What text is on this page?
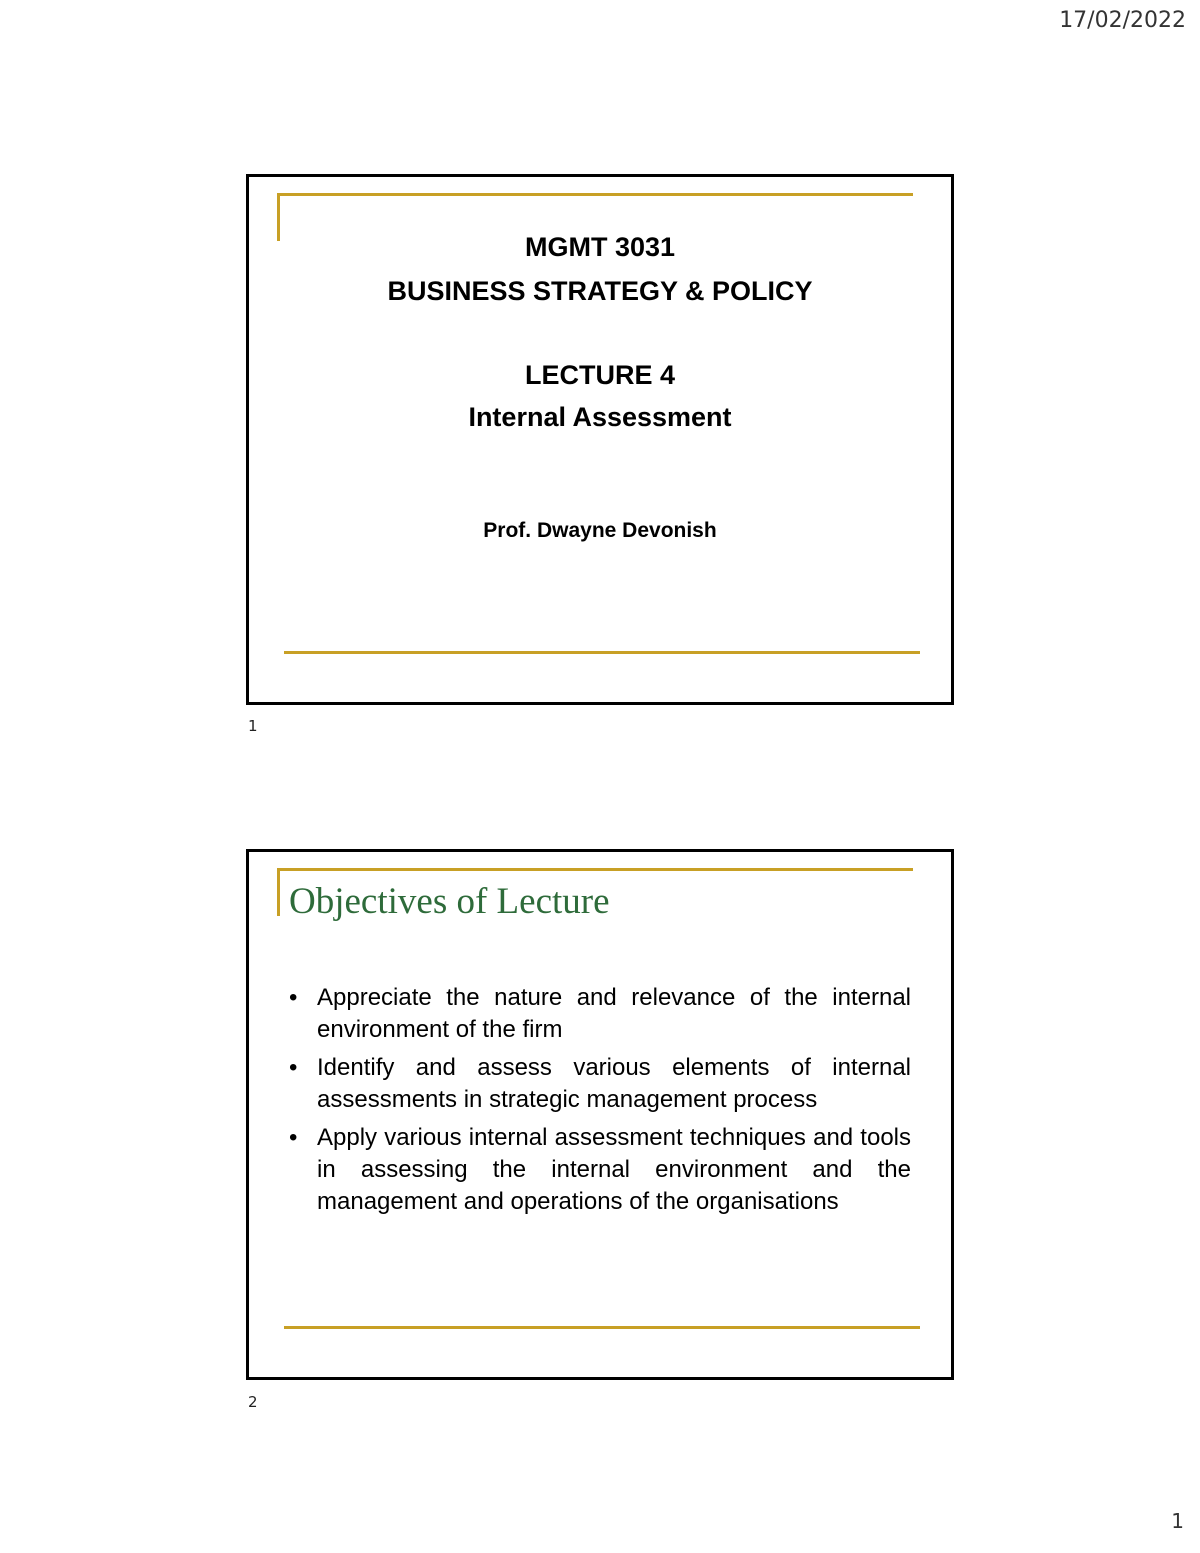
17/02/2022
MGMT 3031
BUSINESS STRATEGY & POLICY
LECTURE 4
Internal Assessment
Prof. Dwayne Devonish
1
Objectives of Lecture
• Appreciate the nature and relevance of the internal environment of the firm
• Identify and assess various elements of internal assessments in strategic management process
• Apply various internal assessment techniques and tools in assessing the internal environment and the management and operations of the organisations
2
1
